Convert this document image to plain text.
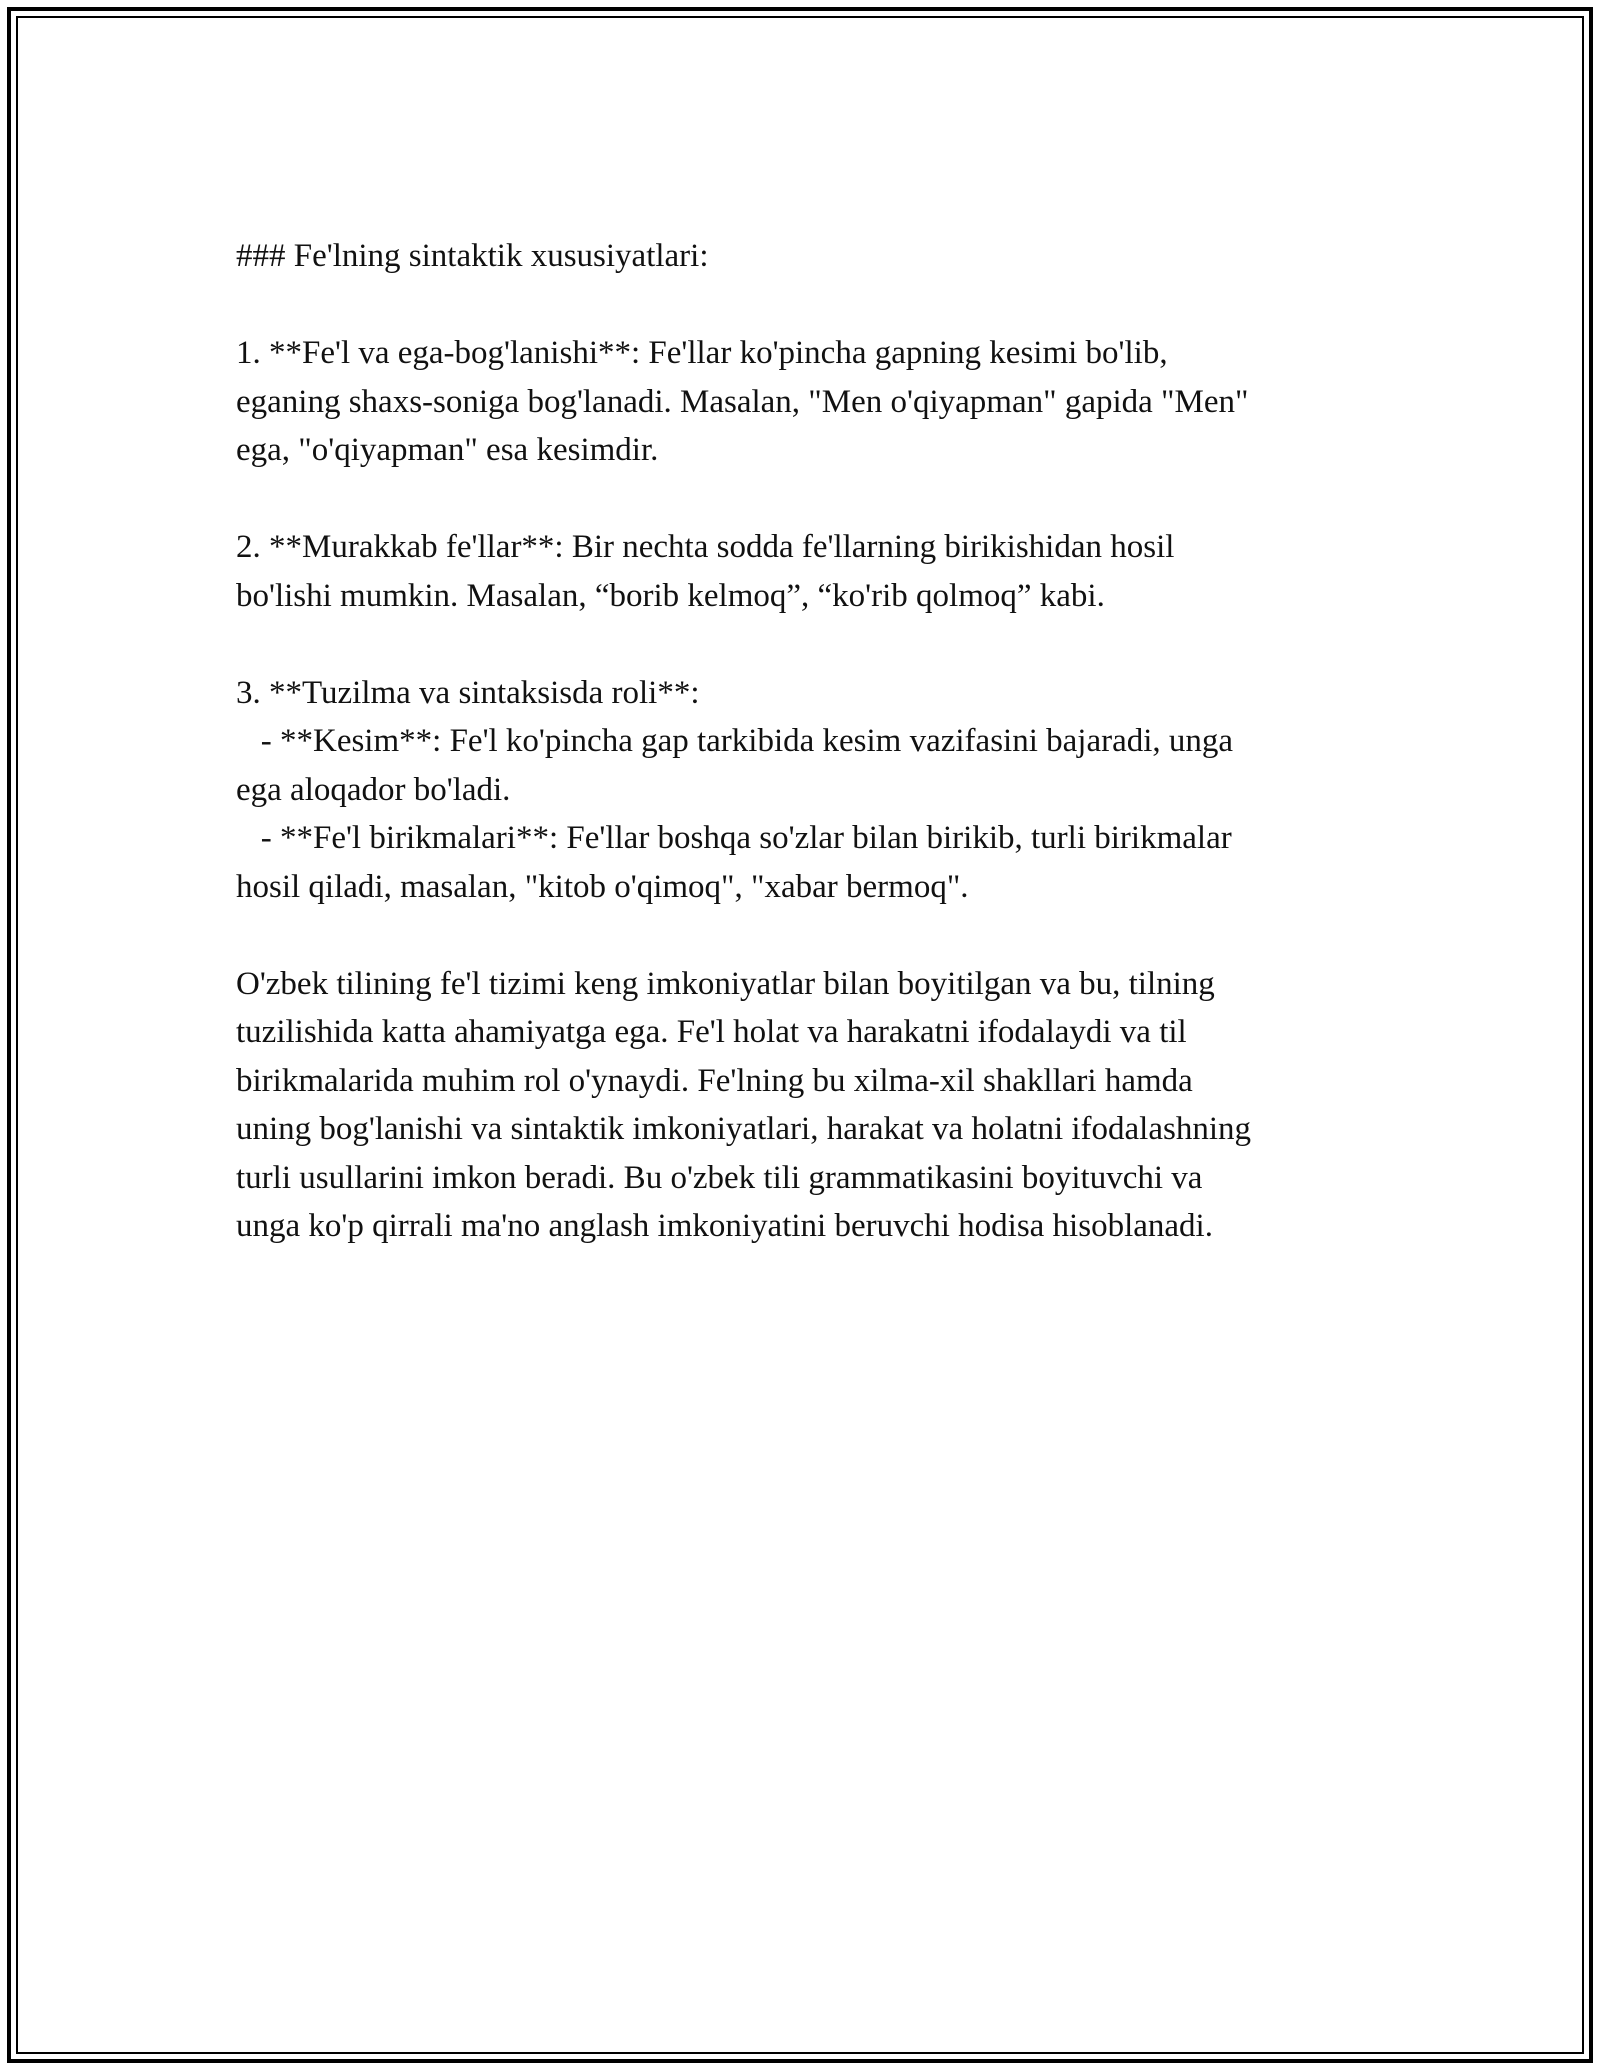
### Fe'lning sintaktik xususiyatlari:
1. **Fe'l va ega-bog'lanishi**: Fe'llar ko'pincha gapning kesimi bo'lib,
eganing shaxs-soniga bog'lanadi. Masalan, "Men o'qiyapman" gapida "Men"
ega, "o'qiyapman" esa kesimdir.
2. **Murakkab fe'llar**: Bir nechta sodda fe'llarning birikishidan hosil
bo'lishi mumkin. Masalan, “borib kelmoq”, “ko'rib qolmoq” kabi.
3. **Tuzilma va sintaksisda roli**:
- **Kesim**: Fe'l ko'pincha gap tarkibida kesim vazifasini bajaradi, unga
ega aloqador bo'ladi.
- **Fe'l birikmalari**: Fe'llar boshqa so'zlar bilan birikib, turli birikmalar
hosil qiladi, masalan, "kitob o'qimoq", "xabar bermoq".
O'zbek tilining fe'l tizimi keng imkoniyatlar bilan boyitilgan va bu, tilning
tuzilishida katta ahamiyatga ega. Fe'l holat va harakatni ifodalaydi va til
birikmalarida muhim rol o'ynaydi. Fe'lning bu xilma-xil shakllari hamda
uning bog'lanishi va sintaktik imkoniyatlari, harakat va holatni ifodalashning
turli usullarini imkon beradi. Bu o'zbek tili grammatikasini boyituvchi va
unga ko'p qirrali ma'no anglash imkoniyatini beruvchi hodisa hisoblanadi.
